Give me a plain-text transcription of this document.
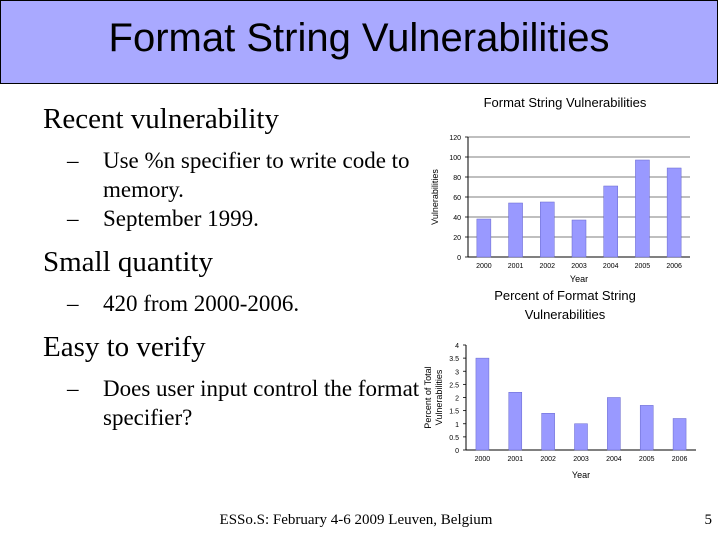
Format String Vulnerabilities
Recent vulnerability
– Use %n specifier to write code to memory.
– September 1999.
Small quantity
– 420 from 2000-2006.
Easy to verify
– Does user input control the format specifier?
Format String Vulnerabilities
0
20
40
60
80
100
120
Vulnerabilities
2000 2001 2002 2003 2004 2005 2006
Year
Percent of Format String Vulnerabilities
0
0.5
1
1.5
2
2.5
3
3.5
4
Percent of TotalVulnerabilities
2000 2001 2002 2003 2004 2005 2006
Year
ESSo.S: February 4-6 2009 Leuven, Belgium	5
